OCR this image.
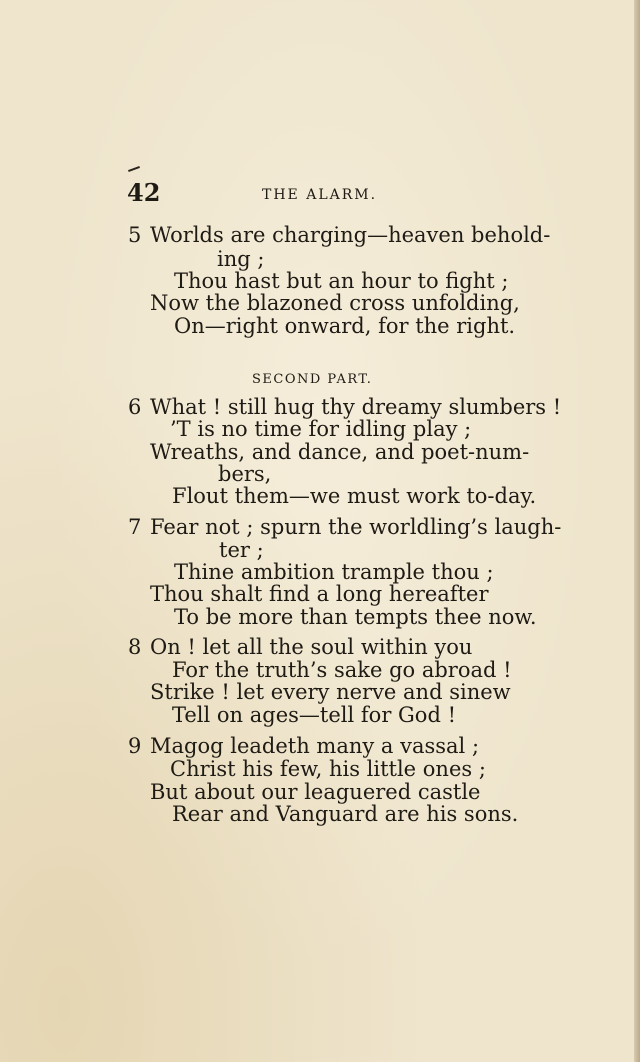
42	THE ALARM.
5 Worlds are charging—heaven behold-
ing ;
Thou hast but an hour to fight ;
Now the blazoned cross unfolding,
On—right onward, for the right.
SECOND PART.
6 What ! still hug thy dreamy slumbers !
’T is no time for idling play ;
Wreaths, and dance, and poet-num-
bers,
Flout them—we must work to-day.
7 Fear not ; spurn the worldling’s laugh-
ter ;
Thine ambition trample thou ;
Thou shalt find a long hereafter
To be more than tempts thee now.
8 On ! let all the soul within you
For the truth’s sake go abroad !
Strike ! let every nerve and sinew
Tell on ages—tell for God !
9 Magog leadeth many a vassal ;
Christ his few, his little ones ;
But about our leaguered castle
Rear and Vanguard are his sons.
